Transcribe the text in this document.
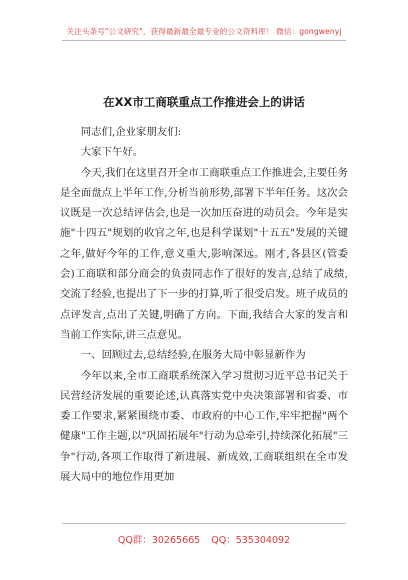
关注头条号"公文研究"，获得最新最全最专业的公文资料库！ 微信：gongwenyj
在XX市工商联重点工作推进会上的讲话

同志们,企业家朋友们:

大家下午好。

今天,我们在这里召开全市工商联重点工作推进会,主要任务是全面盘点上半年工作,分析当前形势,部署下半年任务。这次会议既是一次总结评估会,也是一次加压奋进的动员会。今年是实施"十四五"规划的收官之年,也是科学谋划"十五五"发展的关键之年,做好今年的工作,意义重大,影响深远。刚才,各县区(管委会)工商联和部分商会的负责同志作了很好的发言,总结了成绩,交流了经验,也提出了下一步的打算,听了很受启发。班子成员的点评发言,点出了关键,明确了方向。下面,我结合大家的发言和当前工作实际,讲三点意见。

一、回顾过去,总结经验,在服务大局中彰显新作为

今年以来,全市工商联系统深入学习贯彻习近平总书记关于民营经济发展的重要论述,认真落实党中央决策部署和省委、市委工作要求,紧紧围绕市委、市政府的中心工作,牢牢把握"两个健康"工作主题,以"巩固拓展年"行动为总牵引,持续深化拓展"三争"行动,各项工作取得了新进展、新成效,工商联组织在全市发展大局中的地位作用更加

QQ群：30265665 QQ：535304092
